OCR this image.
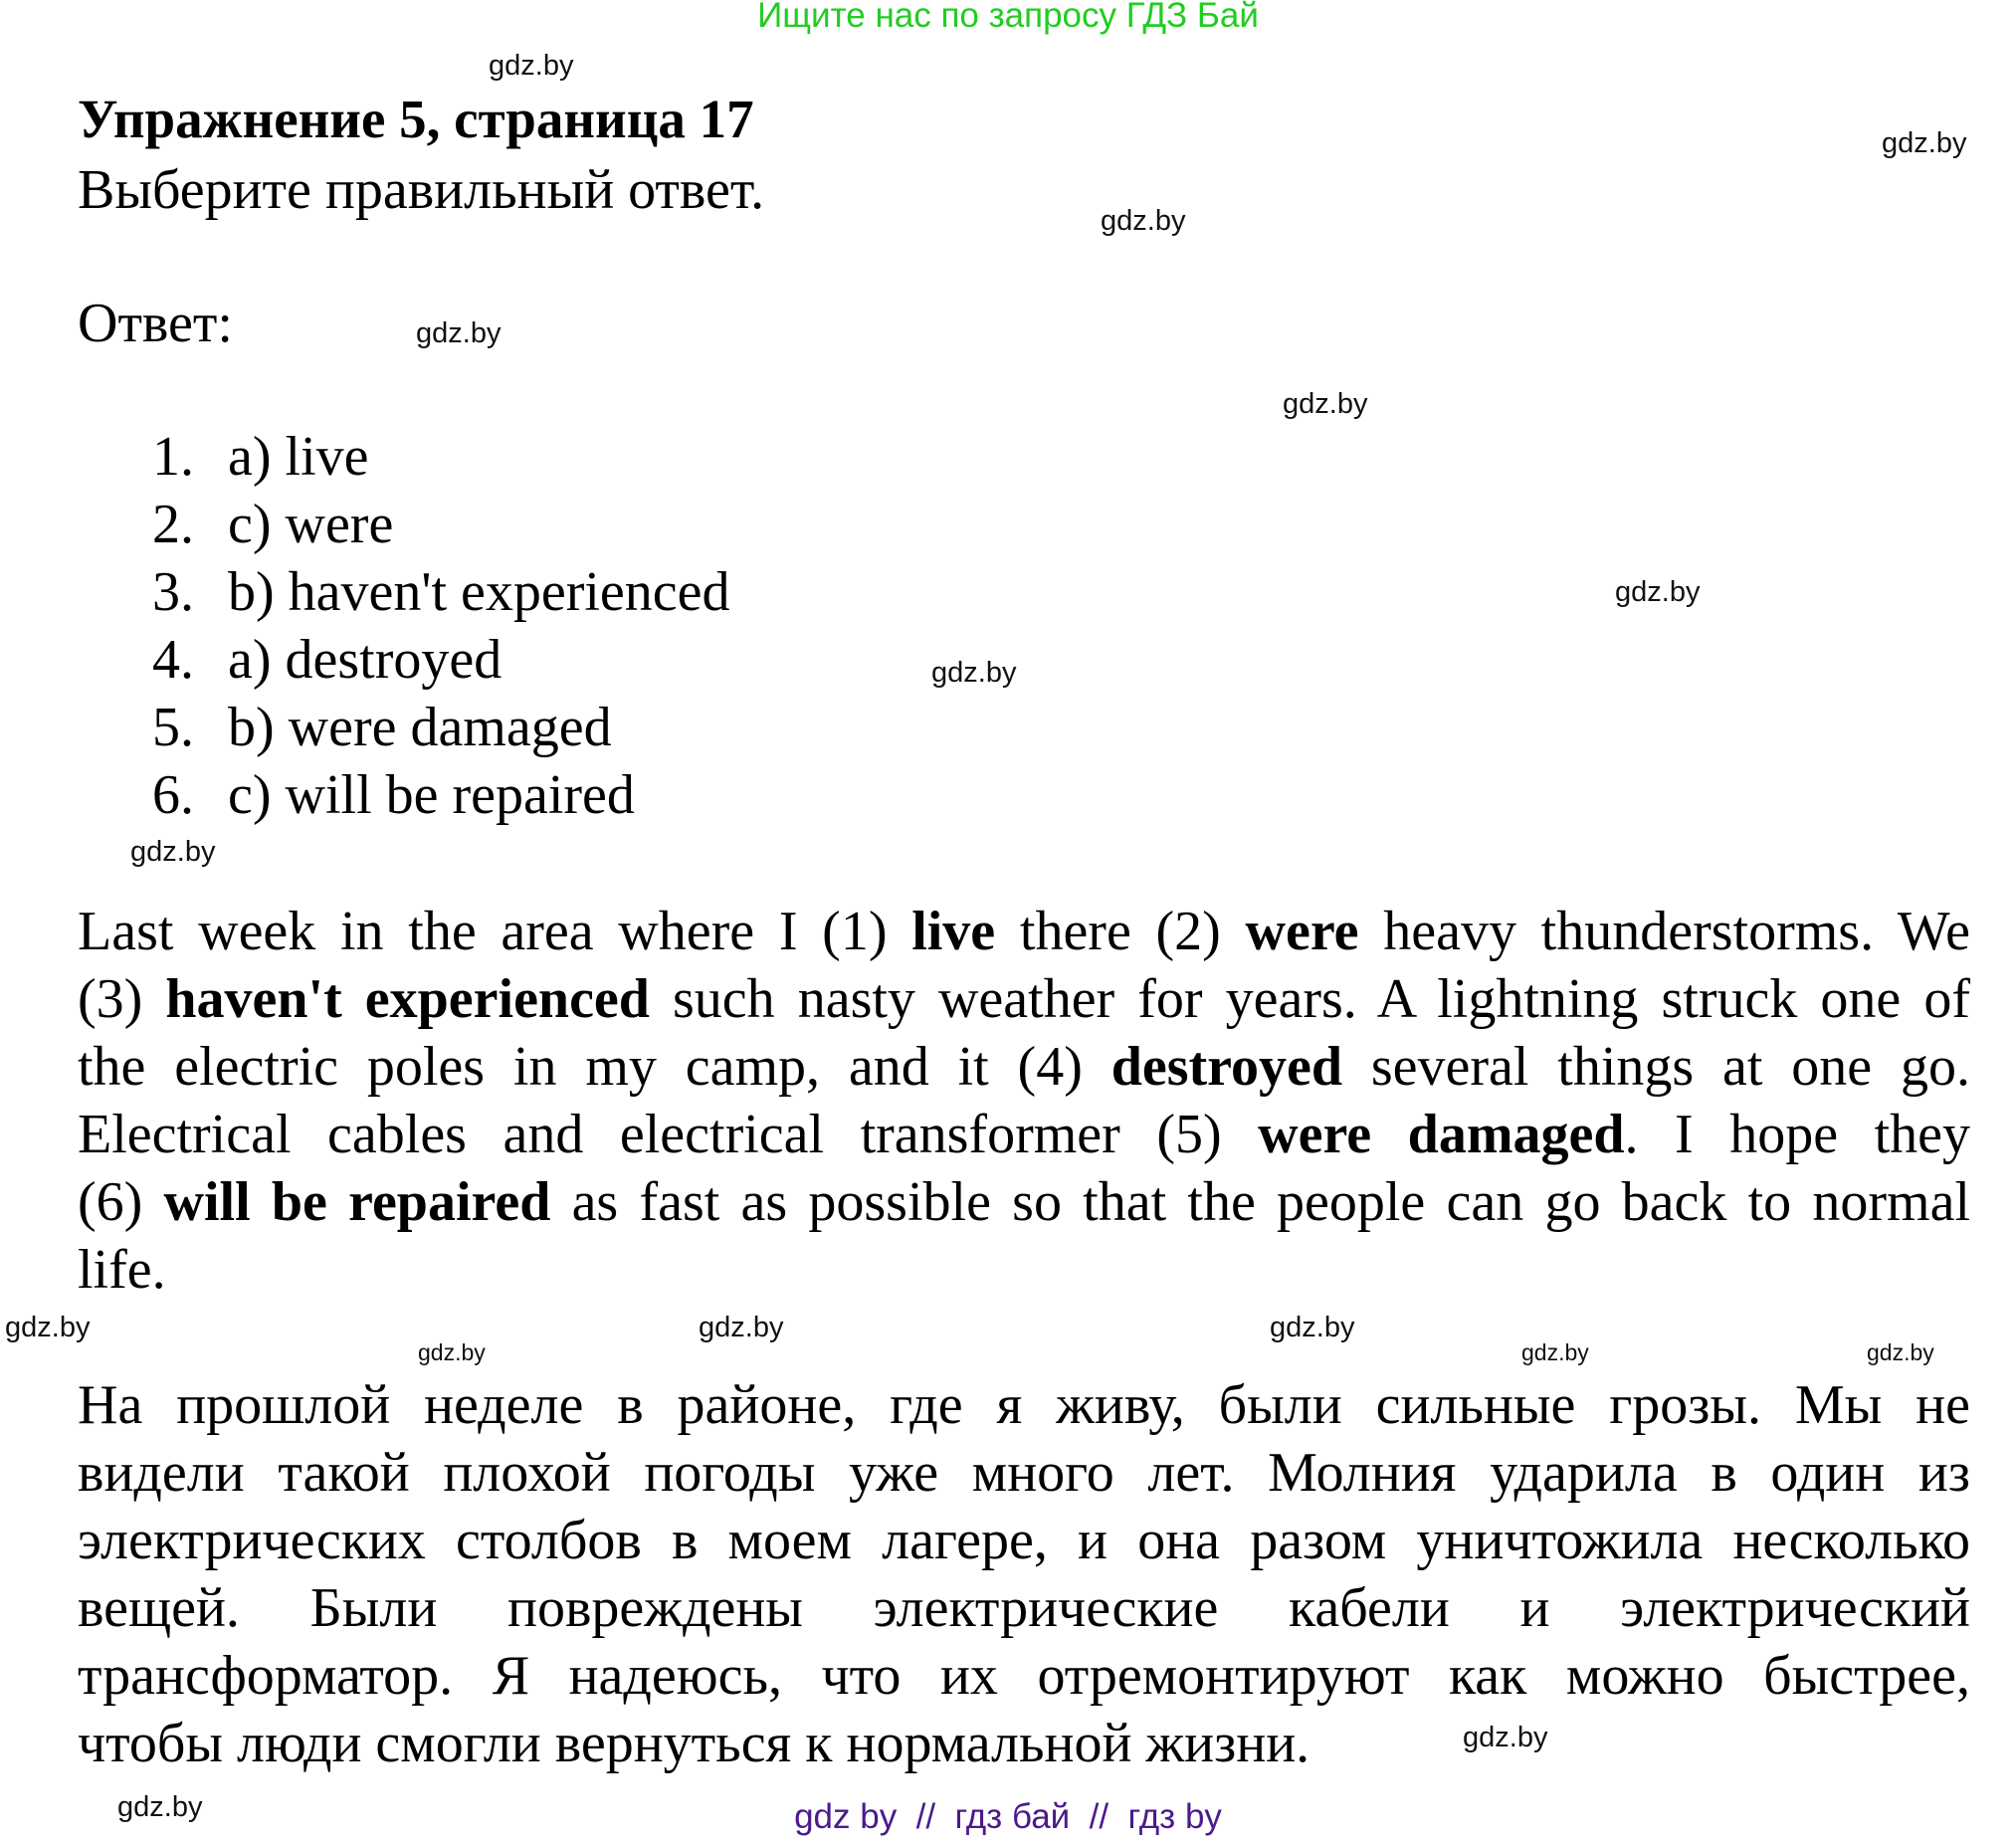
Ищите нас по запросу ГДЗ Бай
Упражнение 5, страница 17
Выберите правильный ответ.
Ответ:
1. a) live
2. c) were
3. b) haven't experienced
4. a) destroyed
5. b) were damaged
6. c) will be repaired
Last week in the area where I (1) live there (2) were heavy thunderstorms. We
(3) haven't experienced such nasty weather for years. A lightning struck one of
the electric poles in my camp, and it (4) destroyed several things at one go.
Electrical cables and electrical transformer (5) were damaged. I hope they
(6) will be repaired as fast as possible so that the people can go back to normal
life.
На прошлой неделе в районе, где я живу, были сильные грозы. Мы не
видели такой плохой погоды уже много лет. Молния ударила в один из
электрических столбов в моем лагере, и она разом уничтожила несколько
вещей. Были повреждены электрические кабели и электрический
трансформатор. Я надеюсь, что их отремонтируют как можно быстрее,
чтобы люди смогли вернуться к нормальной жизни.
gdz.by
gdz.by
gdz.by
gdz.by
gdz.by
gdz.by
gdz.by
gdz.by
gdz.by
gdz.by	gdz.by
gdz.by	gdz.by
gdz.by
gdz.by
gdz.by	gdz by  //  гдз бай  //  гдз by
